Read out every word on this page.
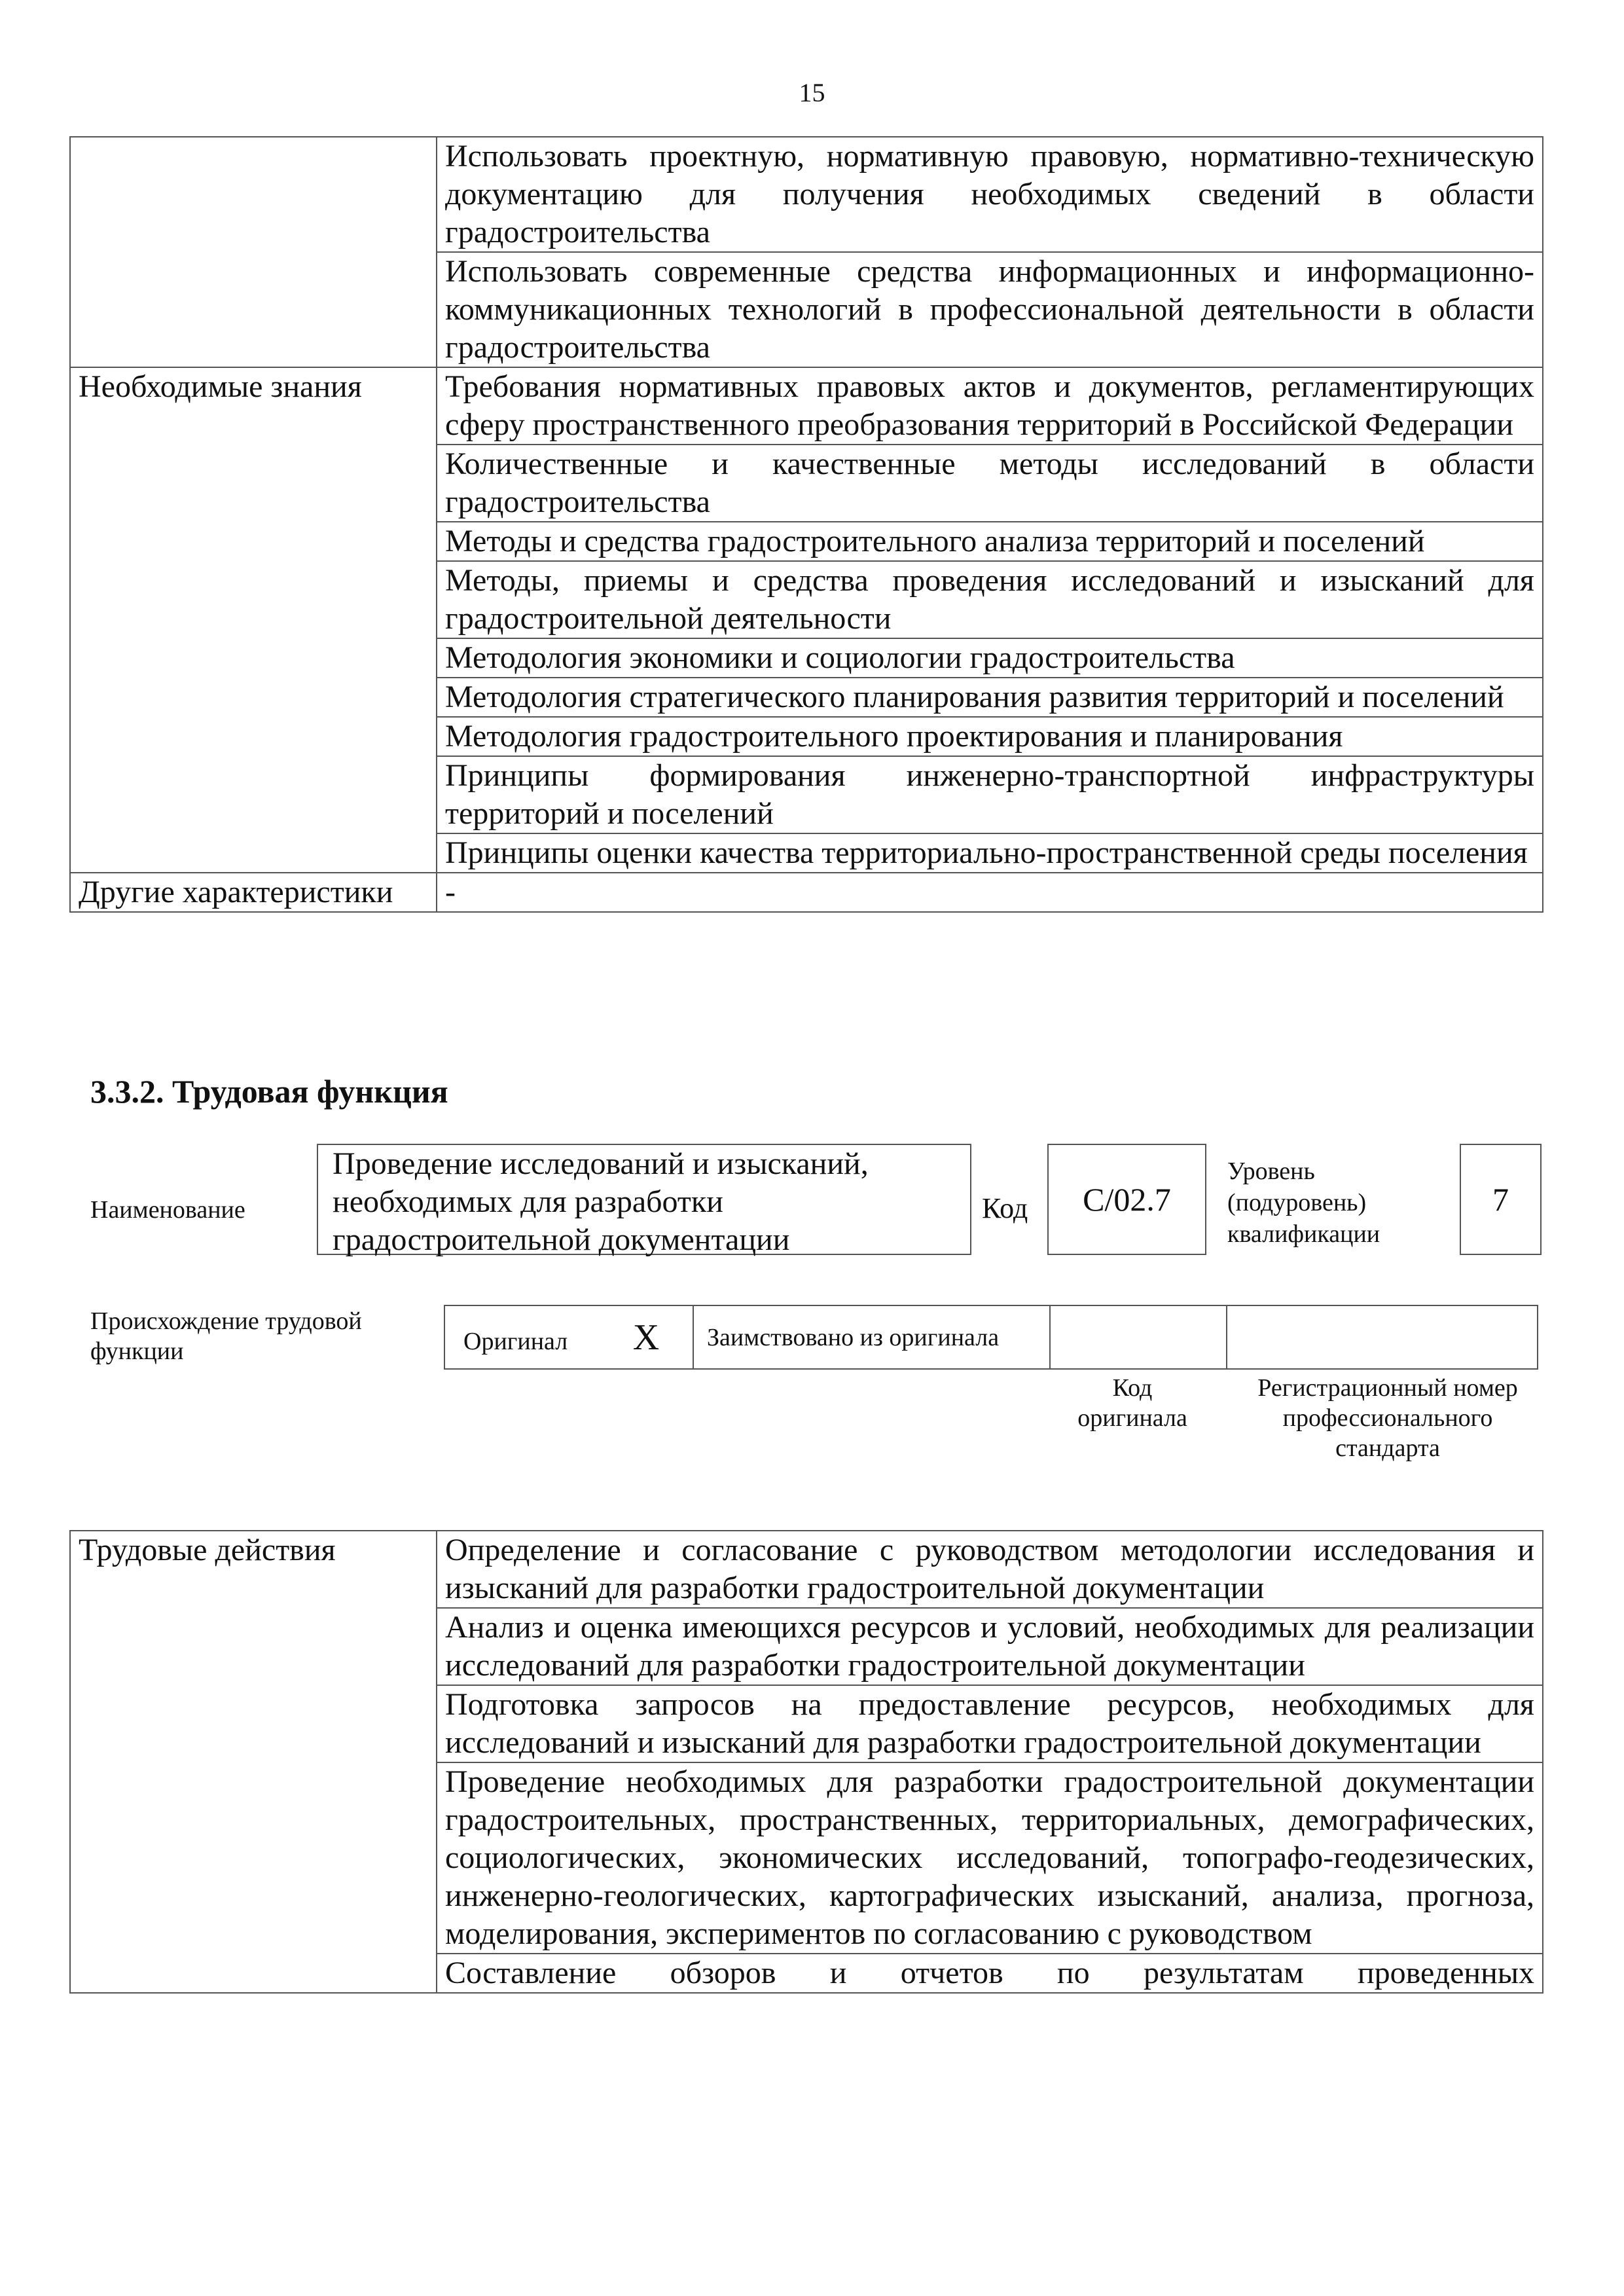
15
	Использовать проектную, нормативную правовую, нормативно-техническую документацию для получения необходимых сведений в области градостроительства
	Использовать современные средства информационных и информационно-коммуникационных технологий в профессиональной деятельности в области градостроительства
Необходимые знания	Требования нормативных правовых актов и документов, регламентирующих сферу пространственного преобразования территорий в Российской Федерации
	Количественные и качественные методы исследований в области градостроительства
	Методы и средства градостроительного анализа территорий и поселений
	Методы, приемы и средства проведения исследований и изысканий для градостроительной деятельности
	Методология экономики и социологии градостроительства
	Методология стратегического планирования развития территорий и поселений
	Методология градостроительного проектирования и планирования
	Принципы формирования инженерно-транспортной инфраструктуры территорий и поселений
	Принципы оценки качества территориально-пространственной среды поселения
Другие характеристики	-
3.3.2. Трудовая функция
Наименование
Проведение исследований и изысканий, необходимых для разработки градостроительной документации
Код	C/02.7
Уровень
(подуровень)
квалификации
7
Происхождение трудовой функции	Оригинал X	Заимствовано из оригинала		
Код оригинала
Регистрационный номер профессионального стандарта
Трудовые действия	Определение и согласование с руководством методологии исследования и изысканий для разработки градостроительной документации
Анализ и оценка имеющихся ресурсов и условий, необходимых для реализации исследований для разработки градостроительной документации
Подготовка запросов на предоставление ресурсов, необходимых для исследований и изысканий для разработки градостроительной документации
Проведение необходимых для разработки градостроительной документации градостроительных, пространственных, территориальных, демографических, социологических, экономических исследований, топографо-геодезических, инженерно-геологических, картографических изысканий, анализа, прогноза, моделирования, экспериментов по согласованию с руководством
Составление обзоров и отчетов по результатам проведенных
